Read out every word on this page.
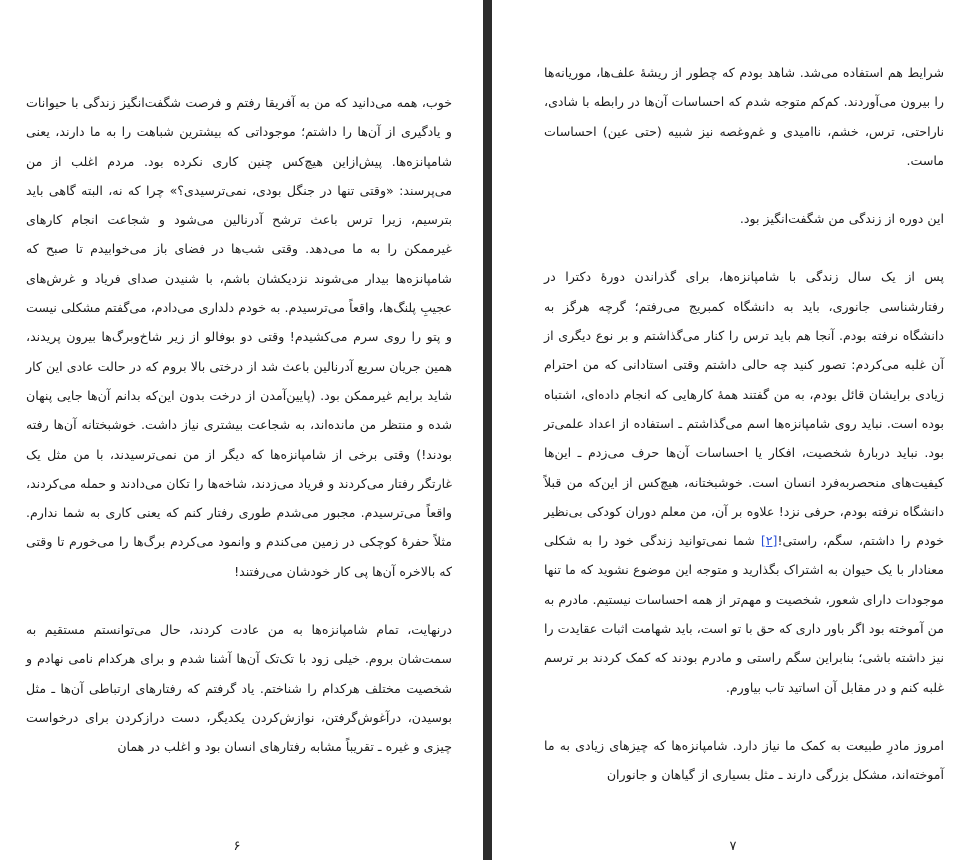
خوب، همه می‌دانید که من به آفریقا رفتم و فرصت شگفت‌انگیز زندگی با حیوانات و یادگیری از آن‌ها را داشتم؛ موجوداتی که بیشترین شباهت را به ما دارند، یعنی شامپانزه‌ها. پیش‌ازاین هیچ‌کس چنین کاری نکرده بود. مردم اغلب از من می‌پرسند: «وقتی تنها در جنگل بودی، نمی‌ترسیدی؟» چرا که نه، البته گاهی باید بترسیم، زیرا ترس باعث ترشح آدرنالین می‌شود و شجاعت انجام کارهای غیرممکن را به ما می‌دهد. وقتی شب‌ها در فضای باز می‌خوابیدم تا صبح که شامپانزه‌ها بیدار می‌شوند نزدیکشان باشم، با شنیدن صدای فریاد و غرش‌های عجیبِ پلنگ‌ها، واقعاً می‌ترسیدم. به خودم دلداری می‌دادم، می‌گفتم مشکلی نیست و پتو را روی سرم می‌کشیدم! وقتی دو بوفالو از زیر شاخ‌وبرگ‌ها بیرون پریدند، همین جریان سریع آدرنالین باعث شد از درختی بالا بروم که در حالت عادی این کار شاید برایم غیرممکن بود. (پایین‌آمدن از درخت بدون این‌که بدانم آن‌ها جایی پنهان شده و منتظر من مانده‌اند، به شجاعت بیشتری نیاز داشت. خوشبختانه آن‌ها رفته بودند!) وقتی برخی از شامپانزه‌ها که دیگر از من نمی‌ترسیدند، با من مثل یک غارتگر رفتار می‌کردند و فریاد می‌زدند، شاخه‌ها را تکان می‌دادند و حمله می‌کردند، واقعاً می‌ترسیدم. مجبور می‌شدم طوری رفتار کنم که یعنی کاری به شما ندارم. مثلاً حفرهٔ کوچکی در زمین می‌کندم و وانمود می‌کردم برگ‌ها را می‌خورم تا وقتی که بالاخره آن‌ها پی کار خودشان می‌رفتند!

درنهایت، تمام شامپانزه‌ها به من عادت کردند، حال می‌توانستم مستقیم به سمت‌شان بروم. خیلی زود با تک‌تک آن‌ها آشنا شدم و برای هرکدام نامی نهادم و شخصیت مختلف هرکدام را شناختم. یاد گرفتم که رفتارهای ارتباطی آن‌ها ـ مثل بوسیدن، درآغوش‌گرفتن، نوازش‌کردن یکدیگر، دست درازکردن برای درخواست چیزی و غیره ـ تقریباً مشابه رفتارهای انسان بود و اغلب در همان

۶

شرایط هم استفاده می‌شد. شاهد بودم که چطور از ریشهٔ علف‌ها، موریانه‌ها را بیرون می‌آوردند. کم‌کم متوجه شدم که احساسات آن‌ها در رابطه با شادی، ناراحتی، ترس، خشم، ناامیدی و غم‌وغصه نیز شبیه (حتی عین) احساسات ماست.

این دوره از زندگی من شگفت‌انگیز بود.

پس از یک سال زندگی با شامپانزه‌ها، برای گذراندن دورهٔ دکترا در رفتارشناسی جانوری، باید به دانشگاه کمبریج می‌رفتم؛ گرچه هرگز به دانشگاه نرفته بودم. آنجا هم باید ترس را کنار می‌گذاشتم و بر نوع دیگری از آن غلبه می‌کردم: تصور کنید چه حالی داشتم وقتی استادانی که من احترام زیادی برایشان قائل بودم، به من گفتند همهٔ کارهایی که انجام داده‌ای، اشتباه بوده است. نباید روی شامپانزه‌ها اسم می‌گذاشتم ـ استفاده از اعداد علمی‌تر بود. نباید دربارهٔ شخصیت، افکار یا احساسات آن‌ها حرف می‌زدم ـ این‌ها کیفیت‌های منحصربه‌فرد انسان است. خوشبختانه، هیچ‌کس از این‌که من قبلاً دانشگاه نرفته بودم، حرفی نزد! علاوه بر آن، من معلم دوران کودکی بی‌نظیر خودم را داشتم، سگم، راستی![۲] شما نمی‌توانید زندگی خود را به شکلی معنادار با یک حیوان به اشتراک بگذارید و متوجه این موضوع نشوید که ما تنها موجودات دارای شعور، شخصیت و مهم‌تر از همه احساسات نیستیم. مادرم به من آموخته بود اگر باور داری که حق با تو است، باید شهامت اثبات عقایدت را نیز داشته باشی؛ بنابراین سگم راستی و مادرم بودند که کمک کردند بر ترسم غلبه کنم و در مقابل آن اساتید تاب بیاورم.

امروز مادرِ طبیعت به کمک ما نیاز دارد. شامپانزه‌ها که چیزهای زیادی به ما آموخته‌اند، مشکل بزرگی دارند ـ مثل بسیاری از گیاهان و جانوران

۷
